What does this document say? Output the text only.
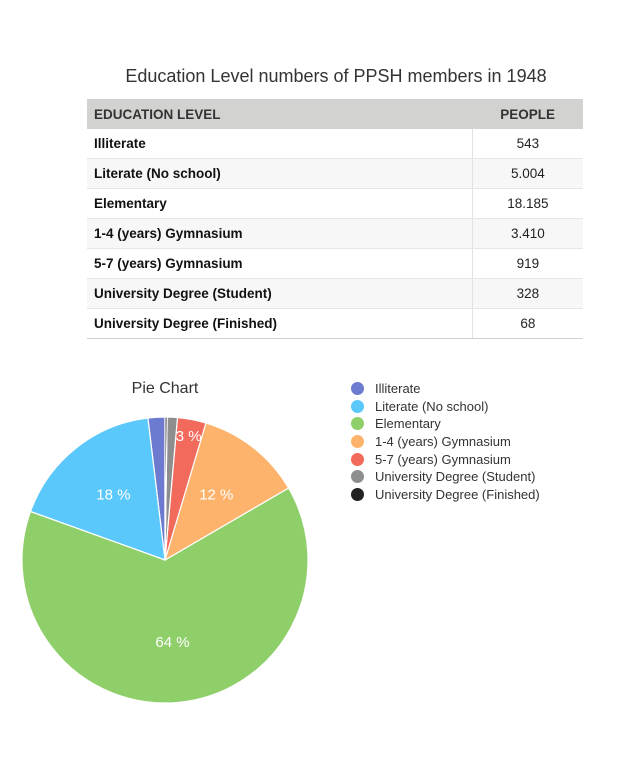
Education Level numbers of PPSH members in 1948
EDUCATION LEVEL	PEOPLE
Illiterate	543
Literate (No school)	5.004
Elementary	18.185
1-4 (years) Gymnasium	3.410
5-7 (years) Gymnasium	919
University Degree (Student)	328
University Degree (Finished)	68
Pie Chart
18 %
64 %
12 %
3 %
Illiterate
Literate (No school)
Elementary
1-4 (years) Gymnasium
5-7 (years) Gymnasium
University Degree (Student)
University Degree (Finished)
